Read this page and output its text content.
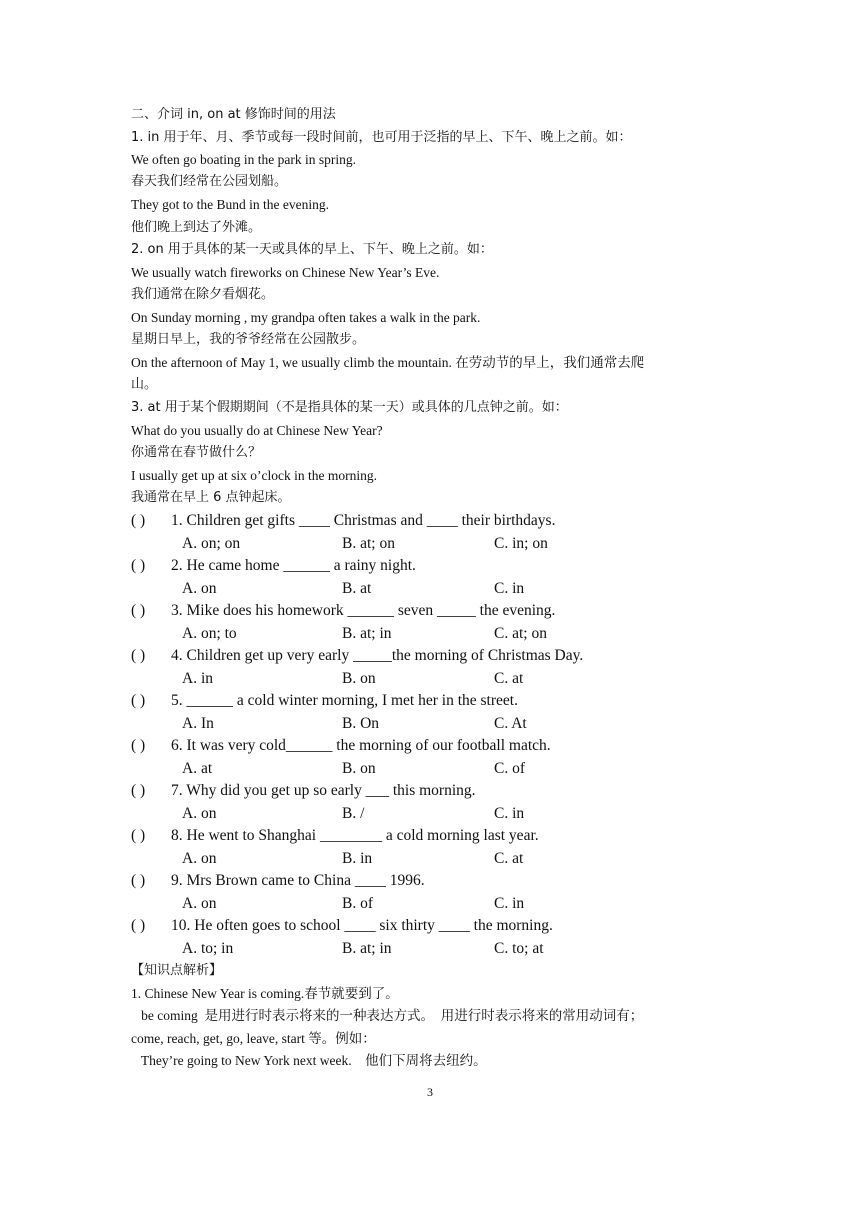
二、介词 in, on at 修饰时间的用法
1. in 用于年、月、季节或每一段时间前，也可用于泛指的早上、下午、晚上之前。如：
We often go boating in the park in spring.
春天我们经常在公园划船。
They got to the Bund in the evening.
他们晚上到达了外滩。
2. on 用于具体的某一天或具体的早上、下午、晚上之前。如：
We usually watch fireworks on Chinese New Year’s Eve.
我们通常在除夕看烟花。
On Sunday morning , my grandpa often takes a walk in the park.
星期日早上，我的爷爷经常在公园散步。
On the afternoon of May 1, we usually climb the mountain. 在劳动节的早上，我们通常去爬
山。
3. at 用于某个假期期间（不是指具体的某一天）或具体的几点钟之前。如：
What do you usually do at Chinese New Year?
你通常在春节做什么？
I usually get up at six o’clock in the morning.
我通常在早上 6 点钟起床。
( ) 1. Children get gifts ____ Christmas and ____ their birthdays.
A. on; on	B. at; on	C. in; on
( ) 2. He came home ______ a rainy night.
A. on	B. at	C. in
( ) 3. Mike does his homework ______ seven _____ the evening.
A. on; to	B. at; in	C. at; on
( ) 4. Children get up very early _____the morning of Christmas Day.
A. in	B. on	C. at
( ) 5. ______ a cold winter morning, I met her in the street.
A. In	B. On	C. At
( ) 6. It was very cold______ the morning of our football match.
A. at	B. on	C. of
( ) 7. Why did you get up so early ___ this morning.
A. on	B. /	C. in
( ) 8. He went to Shanghai ________ a cold morning last year.
A. on	B. in	C. at
( ) 9. Mrs Brown came to China ____ 1996.
A. on	B. of	C. in
( ) 10. He often goes to school ____ six thirty ____ the morning.
A. to; in	B. at; in	C. to; at
【知识点解析】
1. Chinese New Year is coming.春节就要到了。
be coming  是用进行时表示将来的一种表达方式。  用进行时表示将来的常用动词有；
come, reach, get, go, leave, start 等。例如：
They’re going to New York next week.    他们下周将去纽约。
3
